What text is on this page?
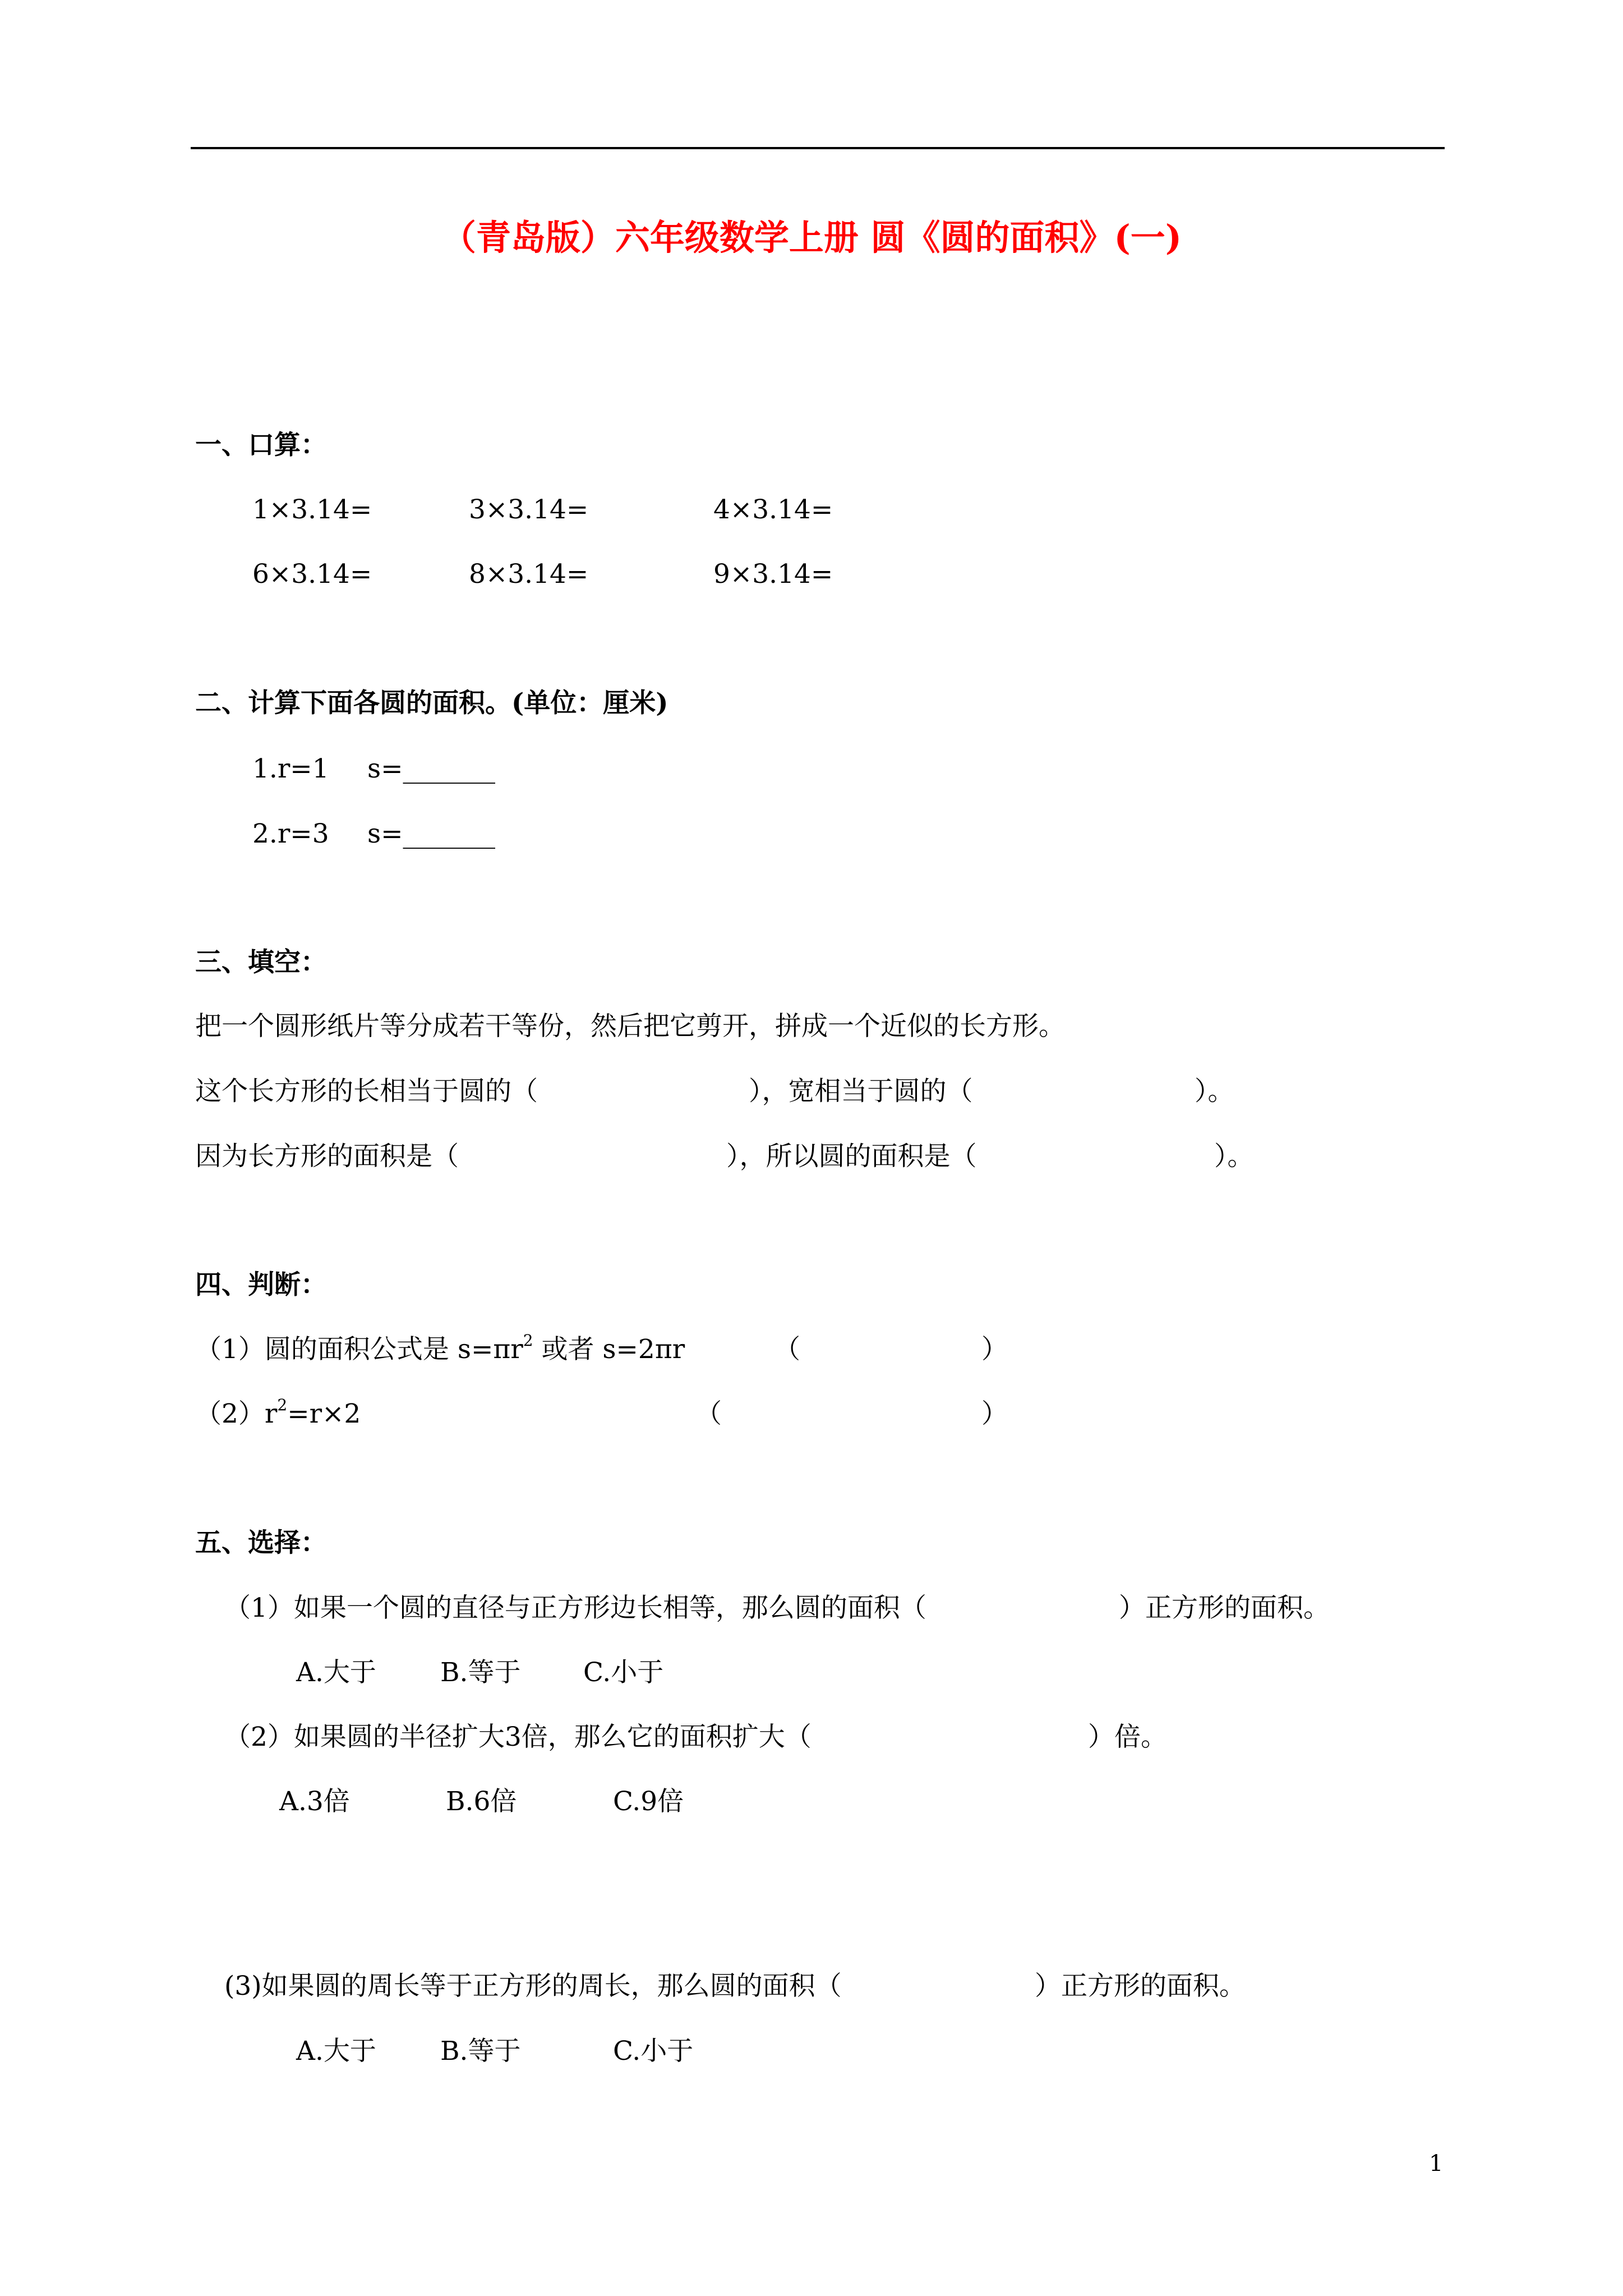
（青岛版）六年级数学上册 圆《圆的面积》(一)
一、口算：
1×3.14=	3×3.14=	4×3.14=
6×3.14=	8×3.14=	9×3.14=
二、计算下面各圆的面积。(单位：厘米)
1.r=1 s=_______
2.r=3 s=_______
三、填空：
把一个圆形纸片等分成若干等份，然后把它剪开，拼成一个近似的长方形。
这个长方形的长相当于圆的（	），宽相当于圆的（	）。
因为长方形的面积是（	），所以圆的面积是（	）。
四、判断：
（1）圆的面积公式是 $s=\pi r^2$ 或者 s=2πr	（	）
$(2)r^2=r\times 2$	（	）
五、选择：
（1）如果一个圆的直径与正方形边长相等，那么圆的面积（	）正方形的面积。
A.大于 B.等于 C.小于
（2）如果圆的半径扩大3倍，那么它的面积扩大（	）倍。
A.3倍	B.6倍	C.9倍
(3)如果圆的周长等于正方形的周长，那么圆的面积（	）正方形的面积。
A.大于 B.等于	C.小于
1
